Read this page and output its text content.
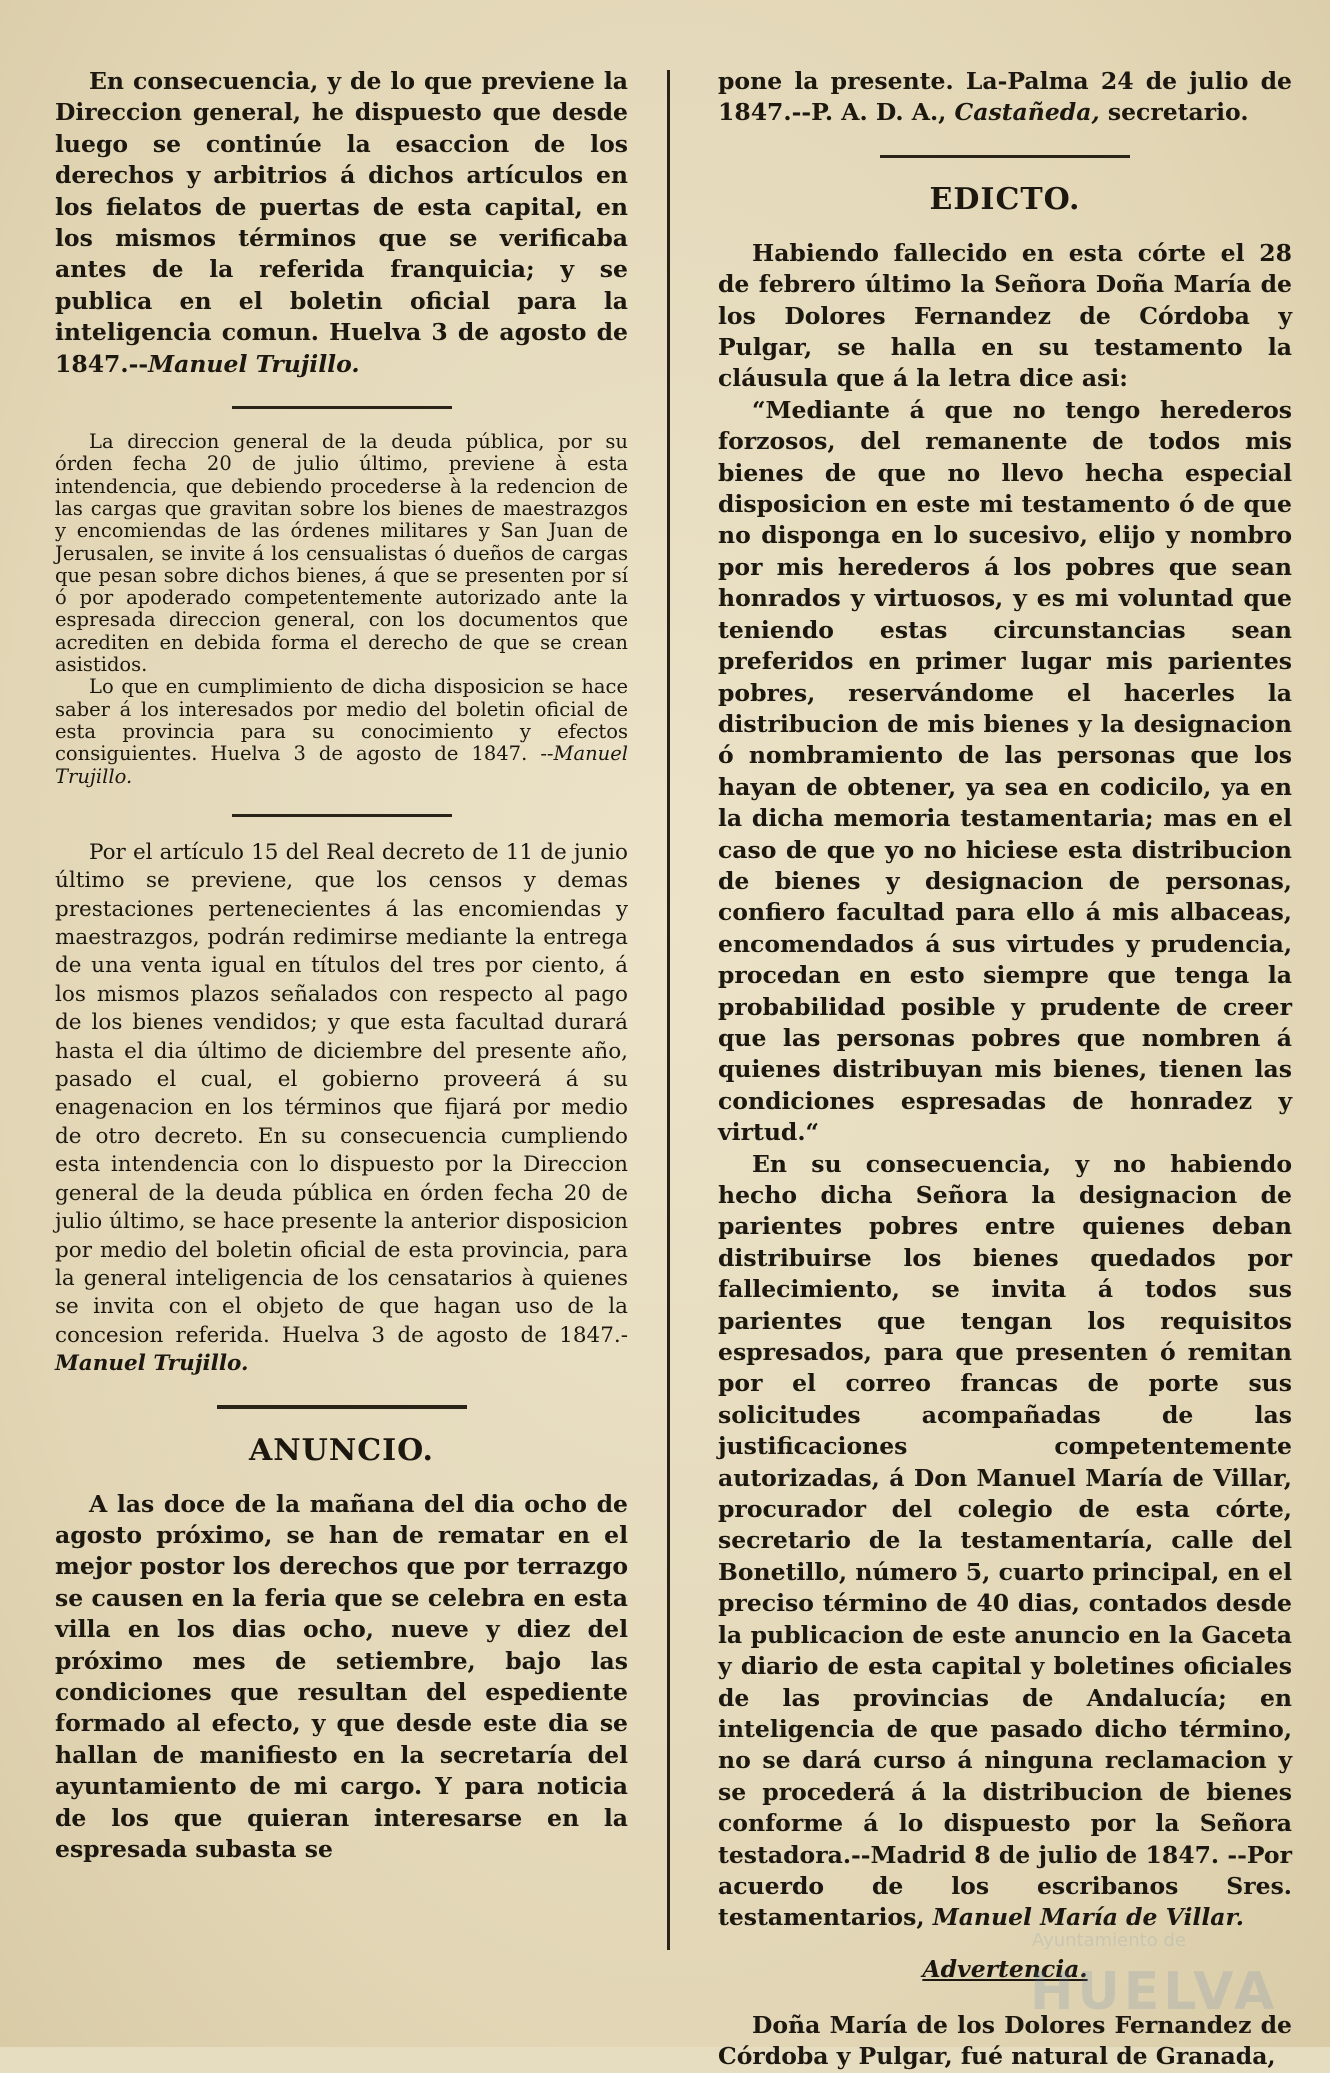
En consecuencia, y de lo que previene la Direccion general, he dispuesto que desde luego se continúe la esaccion de los derechos y arbitrios á dichos artículos en los fielatos de puertas de esta capital, en los mismos términos que se verificaba antes de la referida franquicia; y se publica en el boletin oficial para la inteligencia comun. Huelva 3 de agosto de 1847.--Manuel Trujillo.

La direccion general de la deuda pública, por su órden fecha 20 de julio último, previene à esta intendencia, que debiendo procederse à la redencion de las cargas que gravitan sobre los bienes de maestrazgos y encomiendas de las órdenes militares y San Juan de Jerusalen, se invite á los censualistas ó dueños de cargas que pesan sobre dichos bienes, á que se presenten por sí ó por apoderado competentemente autorizado ante la espresada direccion general, con los documentos que acrediten en debida forma el derecho de que se crean asistidos.

Lo que en cumplimiento de dicha disposicion se hace saber á los interesados por medio del boletin oficial de esta provincia para su conocimiento y efectos consiguientes. Huelva 3 de agosto de 1847. --Manuel Trujillo.

Por el artículo 15 del Real decreto de 11 de junio último se previene, que los censos y demas prestaciones pertenecientes á las encomiendas y maestrazgos, podrán redimirse mediante la entrega de una venta igual en títulos del tres por ciento, á los mismos plazos señalados con respecto al pago de los bienes vendidos; y que esta facultad durará hasta el dia último de diciembre del presente año, pasado el cual, el gobierno proveerá á su enagenacion en los términos que fijará por medio de otro decreto. En su consecuencia cumpliendo esta intendencia con lo dispuesto por la Direccion general de la deuda pública en órden fecha 20 de julio último, se hace presente la anterior disposicion por medio del boletin oficial de esta provincia, para la general inteligencia de los censatarios à quienes se invita con el objeto de que hagan uso de la concesion referida. Huelva 3 de agosto de 1847.-Manuel Trujillo.

ANUNCIO.

A las doce de la mañana del dia ocho de agosto próximo, se han de rematar en el mejor postor los derechos que por terrazgo se causen en la feria que se celebra en esta villa en los dias ocho, nueve y diez del próximo mes de setiembre, bajo las condiciones que resultan del espediente formado al efecto, y que desde este dia se hallan de manifiesto en la secretaría del ayuntamiento de mi cargo. Y para noticia de los que quieran interesarse en la espresada subasta se

pone la presente. La-Palma 24 de julio de 1847.--P. A. D. A., Castañeda, secretario.

EDICTO.

Habiendo fallecido en esta córte el 28 de febrero último la Señora Doña María de los Dolores Fernandez de Córdoba y Pulgar, se halla en su testamento la cláusula que á la letra dice asi:

“Mediante á que no tengo herederos forzosos, del remanente de todos mis bienes de que no llevo hecha especial disposicion en este mi testamento ó de que no disponga en lo sucesivo, elijo y nombro por mis herederos á los pobres que sean honrados y virtuosos, y es mi voluntad que teniendo estas circunstancias sean preferidos en primer lugar mis parientes pobres, reservándome el hacerles la distribucion de mis bienes y la designacion ó nombramiento de las personas que los hayan de obtener, ya sea en codicilo, ya en la dicha memoria testamentaria; mas en el caso de que yo no hiciese esta distribucion de bienes y designacion de personas, confiero facultad para ello á mis albaceas, encomendados á sus virtudes y prudencia, procedan en esto siempre que tenga la probabilidad posible y prudente de creer que las personas pobres que nombren á quienes distribuyan mis bienes, tienen las condiciones espresadas de honradez y virtud.“

En su consecuencia, y no habiendo hecho dicha Señora la designacion de parientes pobres entre quienes deban distribuirse los bienes quedados por fallecimiento, se invita á todos sus parientes que tengan los requisitos espresados, para que presenten ó remitan por el correo francas de porte sus solicitudes acompañadas de las justificaciones competentemente autorizadas, á Don Manuel María de Villar, procurador del colegio de esta córte, secretario de la testamentaría, calle del Bonetillo, número 5, cuarto principal, en el preciso término de 40 dias, contados desde la publicacion de este anuncio en la Gaceta y diario de esta capital y boletines oficiales de las provincias de Andalucía; en inteligencia de que pasado dicho término, no se dará curso á ninguna reclamacion y se procederá á la distribucion de bienes conforme á lo dispuesto por la Señora testadora.--Madrid 8 de julio de 1847. --Por acuerdo de los escribanos Sres. testamentarios, Manuel María de Villar.

Advertencia.

Doña María de los Dolores Fernandez de Córdoba y Pulgar, fué natural de Granada,

Ayuntamiento de
HUELVA
